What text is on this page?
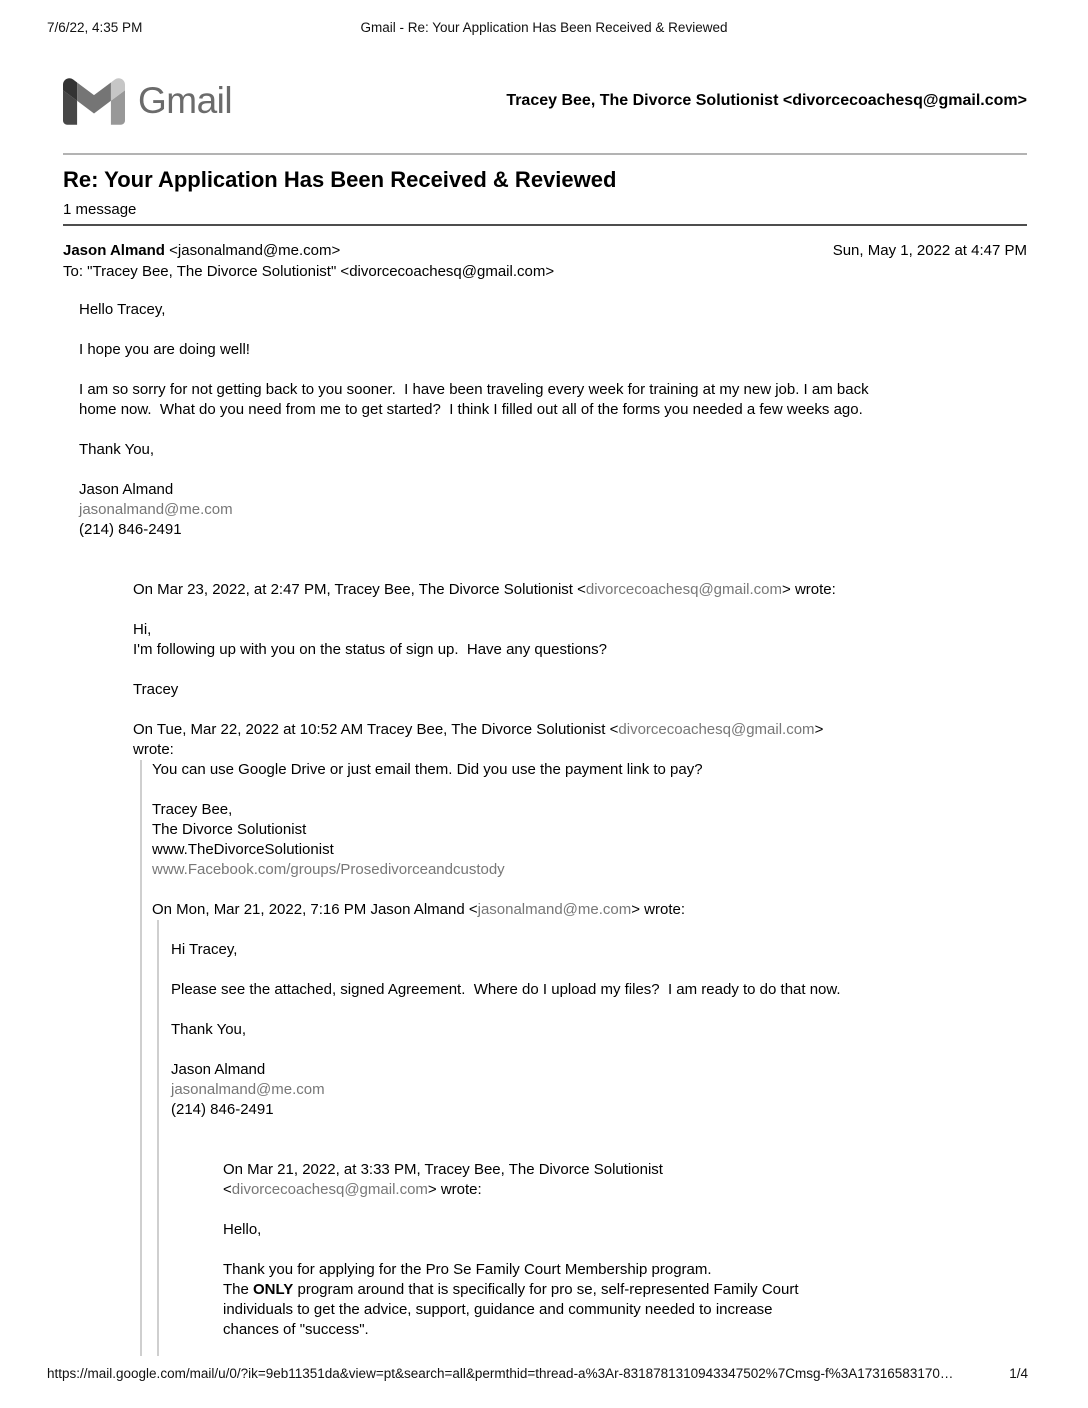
7/6/22, 4:35 PM	Gmail - Re: Your Application Has Been Received & Reviewed
Gmail	Tracey Bee, The Divorce Solutionist <divorcecoachesq@gmail.com>
Re: Your Application Has Been Received & Reviewed
1 message
Jason Almand <jasonalmand@me.com>	Sun, May 1, 2022 at 4:47 PM
To: "Tracey Bee, The Divorce Solutionist" <divorcecoachesq@gmail.com>
Hello Tracey,
I hope you are doing well!
I am so sorry for not getting back to you sooner.  I have been traveling every week for training at my new job. I am back
home now.  What do you need from me to get started?  I think I filled out all of the forms you needed a few weeks ago.
Thank You,
Jason Almand
jasonalmand@me.com
(214) 846-2491
On Mar 23, 2022, at 2:47 PM, Tracey Bee, The Divorce Solutionist <divorcecoachesq@gmail.com> wrote:
Hi,
I'm following up with you on the status of sign up.  Have any questions?
Tracey
On Tue, Mar 22, 2022 at 10:52 AM Tracey Bee, The Divorce Solutionist <divorcecoachesq@gmail.com>
wrote:
You can use Google Drive or just email them. Did you use the payment link to pay?
Tracey Bee,
The Divorce Solutionist
www.TheDivorceSolutionist
www.Facebook.com/groups/Prosedivorceandcustody
On Mon, Mar 21, 2022, 7:16 PM Jason Almand <jasonalmand@me.com> wrote:
Hi Tracey,
Please see the attached, signed Agreement.  Where do I upload my files?  I am ready to do that now.
Thank You,
Jason Almand
jasonalmand@me.com
(214) 846-2491
On Mar 21, 2022, at 3:33 PM, Tracey Bee, The Divorce Solutionist
<divorcecoachesq@gmail.com> wrote:
Hello,
Thank you for applying for the Pro Se Family Court Membership program.
The ONLY program around that is specifically for pro se, self-represented Family Court
individuals to get the advice, support, guidance and community needed to increase
chances of "success".
https://mail.google.com/mail/u/0/?ik=9eb11351da&view=pt&search=all&permthid=thread-a%3Ar-8318781310943347502%7Cmsg-f%3A17316583170…	1/4
